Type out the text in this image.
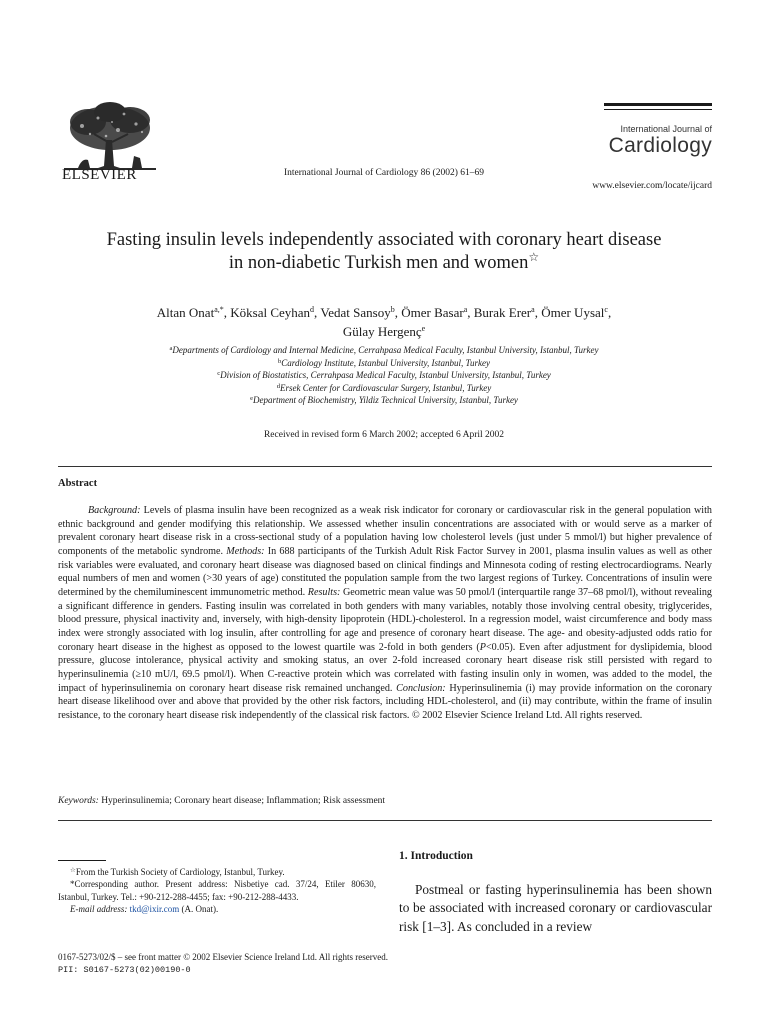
ELSEVIER	International Journal of Cardiology 86 (2002) 61–69
International Journal of
Cardiology
www.elsevier.com/locate/ijcard
Fasting insulin levels independently associated with coronary heart disease
in non-diabetic Turkish men and women☆
Altan Onat$^{a,*}$, Köksal Ceyhan$^d$, Vedat Sansoy$^b$, Ömer Basar$^a$, Burak Erer$^a$, Ömer Uysal$^c$,
Gülay Hergenç$^e$
$^a$Departments of Cardiology and Internal Medicine, Cerrahpasa Medical Faculty, Istanbul University, Istanbul, Turkey
$^b$Cardiology Institute, Istanbul University, Istanbul, Turkey
$^c$Division of Biostatistics, Cerrahpasa Medical Faculty, Istanbul University, Istanbul, Turkey
$^d$Ersek Center for Cardiovascular Surgery, Istanbul, Turkey
$^e$Department of Biochemistry, Yildiz Technical University, Istanbul, Turkey
Received in revised form 6 March 2002; accepted 6 April 2002
Abstract
Background: Levels of plasma insulin have been recognized as a weak risk indicator for coronary or cardiovascular risk in the general population with ethnic background and gender modifying this relationship. We assessed whether insulin concentrations are associated with or would serve as a marker of prevalent coronary heart disease risk in a cross-sectional study of a population having low cholesterol levels (just under 5 mmol/l) but higher prevalence of components of the metabolic syndrome. Methods: In 688 participants of the Turkish Adult Risk Factor Survey in 2001, plasma insulin values as well as other risk variables were evaluated, and coronary heart disease was diagnosed based on clinical findings and Minnesota coding of resting electrocardiograms. Nearly equal numbers of men and women (>30 years of age) constituted the population sample from the two largest regions of Turkey. Concentrations of insulin were determined by the chemiluminescent immunometric method. Results: Geometric mean value was 50 pmol/l (interquartile range 37–68 pmol/l), without revealing a significant difference in genders. Fasting insulin was correlated in both genders with many variables, notably those involving central obesity, triglycerides, blood pressure, physical inactivity and, inversely, with high-density lipoprotein (HDL)-cholesterol. In a regression model, waist circumference and body mass index were strongly associated with log insulin, after controlling for age and presence of coronary heart disease. The age- and obesity-adjusted odds ratio for coronary heart disease in the highest as opposed to the lowest quartile was 2-fold in both genders (P<0.05). Even after adjustment for dyslipidemia, blood pressure, glucose intolerance, physical activity and smoking status, an over 2-fold increased coronary heart disease risk still persisted with regard to hyperinsulinemia (≥10 mU/l, 69.5 pmol/l). When C-reactive protein which was correlated with fasting insulin only in women, was added to the model, the impact of hyperinsulinemia on coronary heart disease risk remained unchanged. Conclusion: Hyperinsulinemia (i) may provide information on the coronary heart disease likelihood over and above that provided by the other risk factors, including HDL-cholesterol, and (ii) may contribute, within the frame of insulin resistance, to the coronary heart disease risk independently of the classical risk factors. © 2002 Elsevier Science Ireland Ltd. All rights reserved.
Keywords: Hyperinsulinemia; Coronary heart disease; Inflammation; Risk assessment

☆From the Turkish Society of Cardiology, Istanbul, Turkey.

*Corresponding author. Present address: Nisbetiye cad. 37/24, Etiler 80630, Istanbul, Turkey. Tel.: +90-212-288-4455; fax: +90-212-288-4433.

E-mail address: tkd@ixir.com (A. Onat).

1. Introduction
Postmeal or fasting hyperinsulinemia has been shown to be associated with increased coronary or cardiovascular risk [1–3]. As concluded in a review
0167-5273/02/$ – see front matter © 2002 Elsevier Science Ireland Ltd. All rights reserved.
PII: S0167-5273(02)00190-0
